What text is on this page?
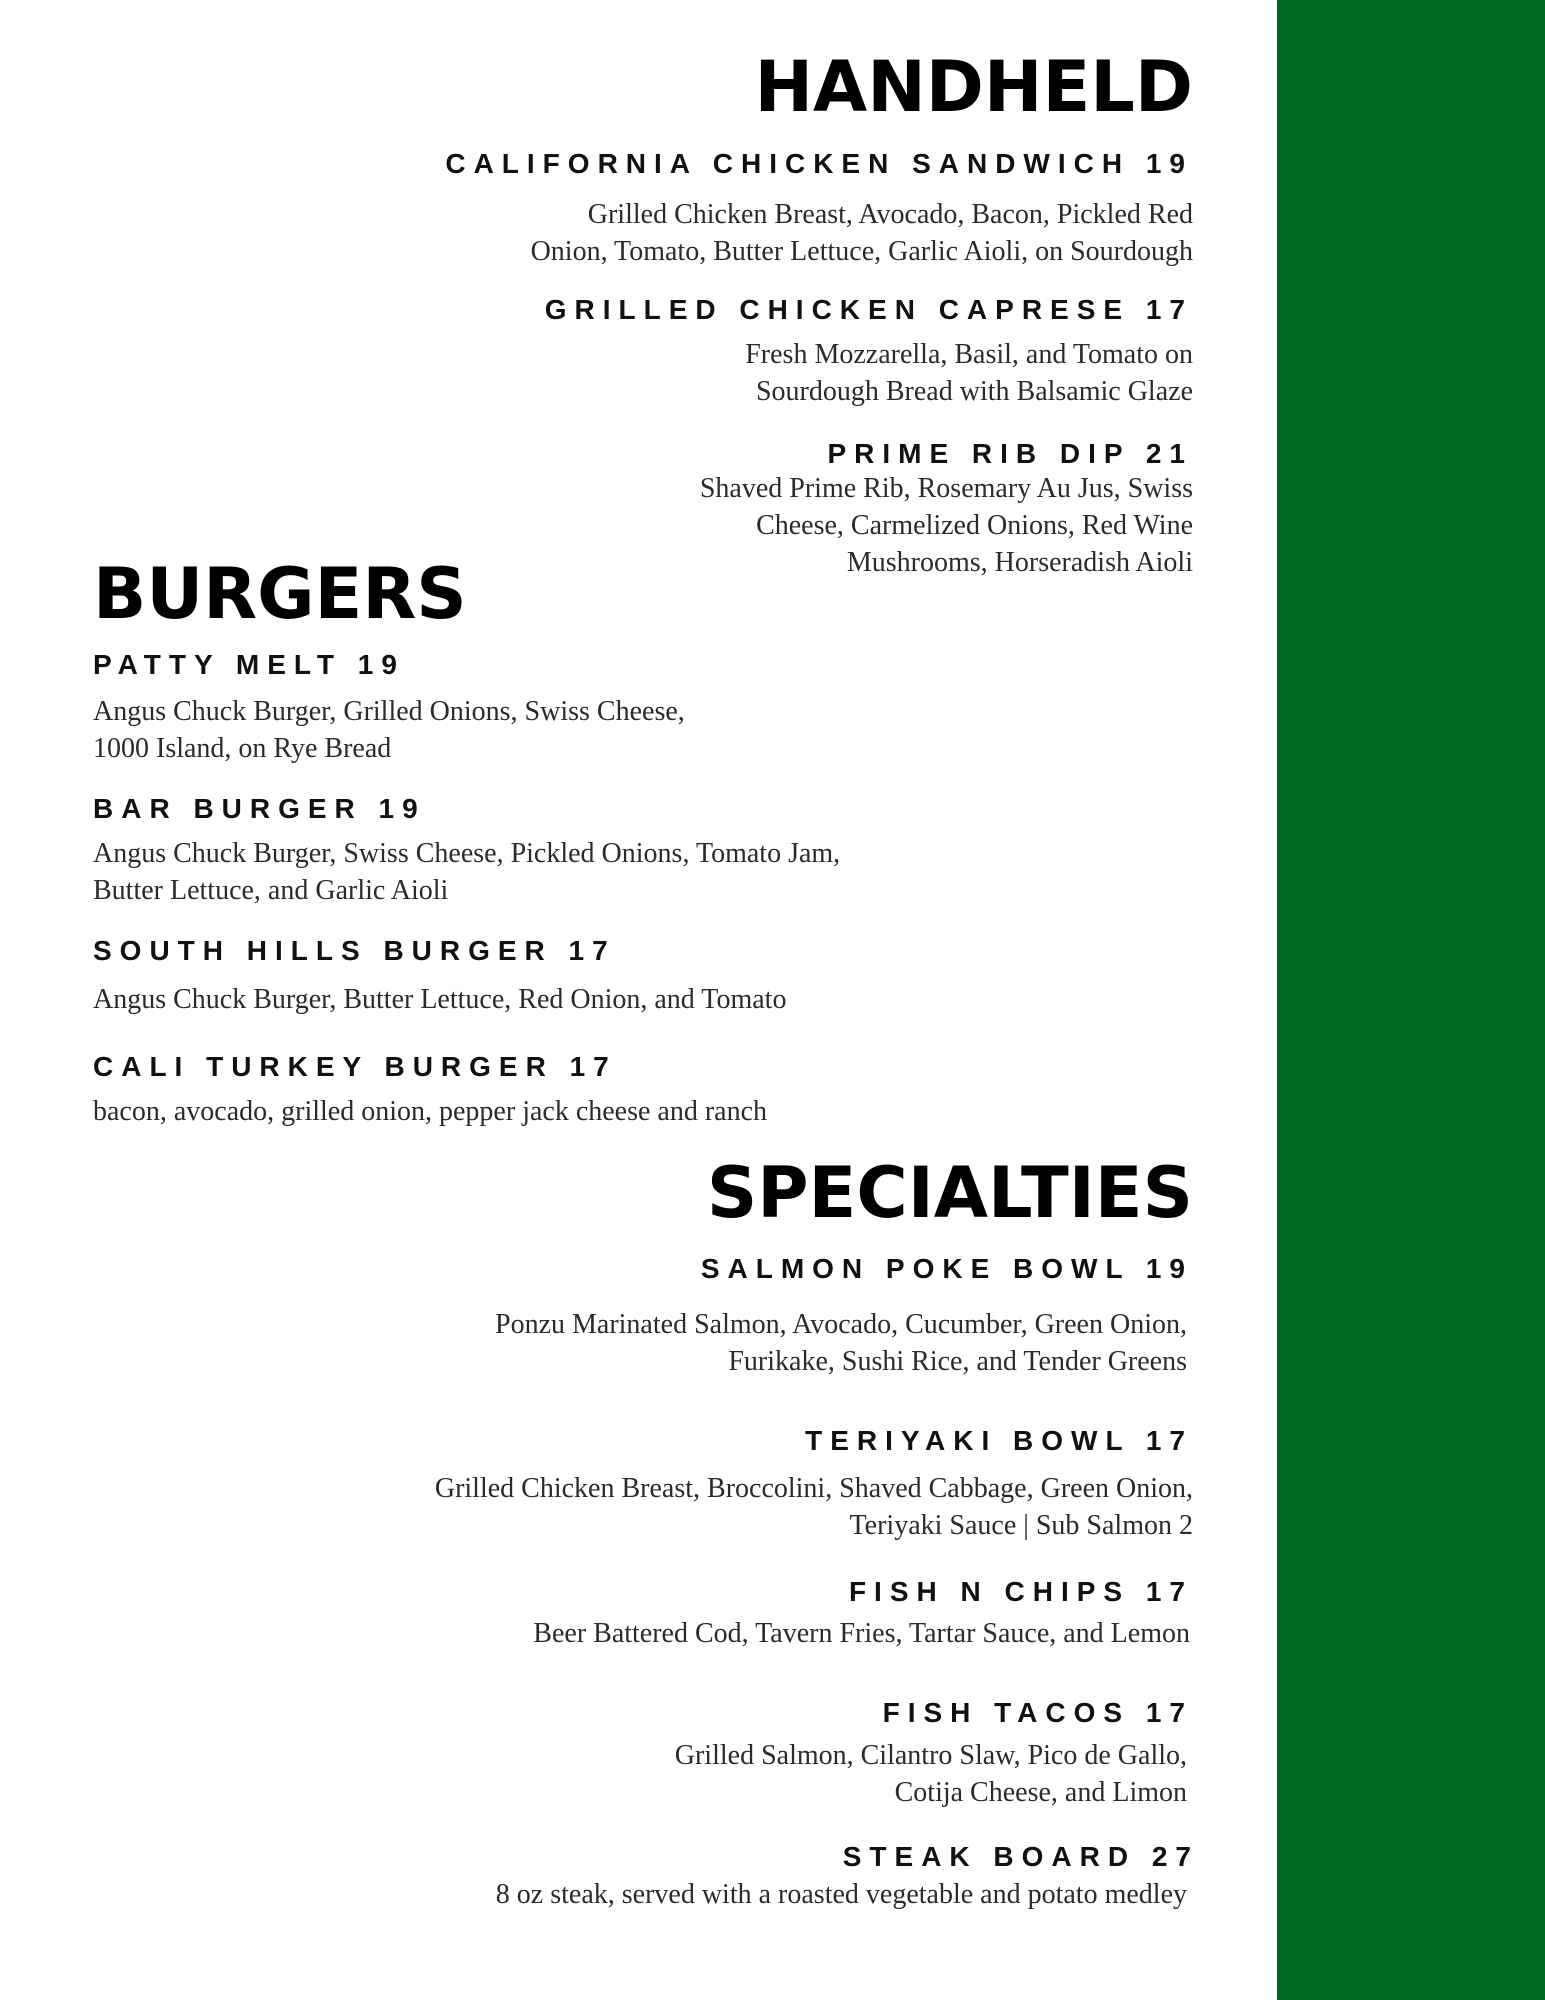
HANDHELD
CALIFORNIA CHICKEN SANDWICH 19
Grilled Chicken Breast, Avocado, Bacon, Pickled Red
Onion, Tomato, Butter Lettuce, Garlic Aioli, on Sourdough
GRILLED CHICKEN CAPRESE 17
Fresh Mozzarella, Basil, and Tomato on
Sourdough Bread with Balsamic Glaze
PRIME RIB DIP 21
Shaved Prime Rib, Rosemary Au Jus, Swiss
Cheese, Carmelized Onions, Red Wine
Mushrooms, Horseradish Aioli
BURGERS
PATTY MELT 19
Angus Chuck Burger, Grilled Onions, Swiss Cheese,
1000 Island, on Rye Bread
BAR BURGER 19
Angus Chuck Burger, Swiss Cheese, Pickled Onions, Tomato Jam,
Butter Lettuce, and Garlic Aioli
SOUTH HILLS BURGER 17
Angus Chuck Burger, Butter Lettuce, Red Onion, and Tomato
CALI TURKEY BURGER 17
bacon, avocado, grilled onion, pepper jack cheese and ranch
SPECIALTIES
SALMON POKE BOWL 19
Ponzu Marinated Salmon, Avocado, Cucumber, Green Onion,
Furikake, Sushi Rice, and Tender Greens
TERIYAKI BOWL 17
Grilled Chicken Breast, Broccolini, Shaved Cabbage, Green Onion,
Teriyaki Sauce | Sub Salmon 2
FISH N CHIPS 17
Beer Battered Cod, Tavern Fries, Tartar Sauce, and Lemon
FISH TACOS 17
Grilled Salmon, Cilantro Slaw, Pico de Gallo,
Cotija Cheese, and Limon
STEAK BOARD 27
8 oz steak, served with a roasted vegetable and potato medley
